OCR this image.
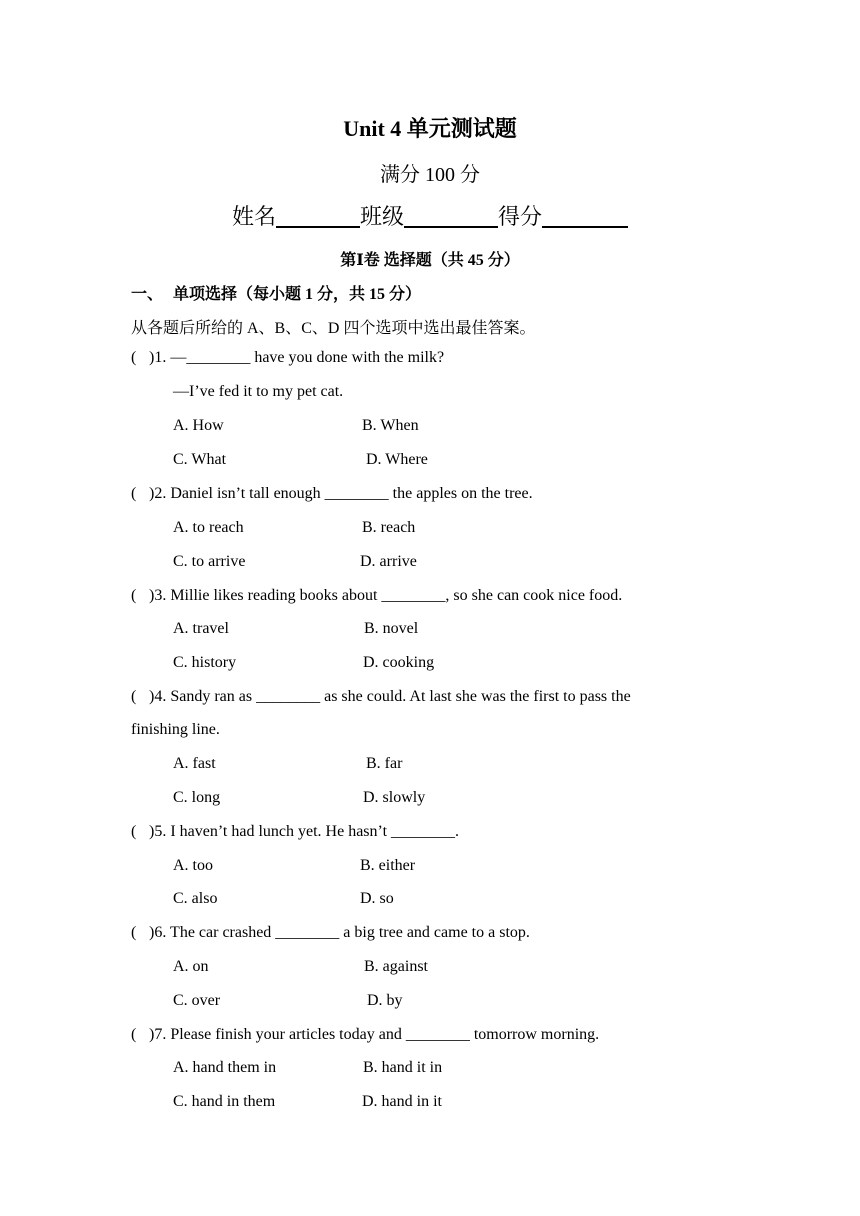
Unit 4 单元测试题
满分 100 分
姓名	班级	得分
第Ⅰ卷 选择题（共 45 分）
一、 单项选择（每小题 1 分，共 15 分）
从各题后所给的 A、B、C、D 四个选项中选出最佳答案。
( )1. —________ have you done with the milk?
—I’ve fed it to my pet cat.
A. How	B. When
C. What	D. Where
( )2. Daniel isn’t tall enough ________ the apples on the tree.
A. to reach	B. reach
C. to arrive	D. arrive
( )3. Millie likes reading books about ________, so she can cook nice food.
A. travel	B. novel
C. history	D. cooking
( )4. Sandy ran as ________ as she could. At last she was the first to pass the
finishing line.
A. fast	B. far
C. long	D. slowly
( )5. I haven’t had lunch yet. He hasn’t ________.
A. too	B. either
C. also	D. so
( )6. The car crashed ________ a big tree and came to a stop.
A. on	B. against
C. over	D. by
( )7. Please finish your articles today and ________ tomorrow morning.
A. hand them in	B. hand it in
C. hand in them	D. hand in it
